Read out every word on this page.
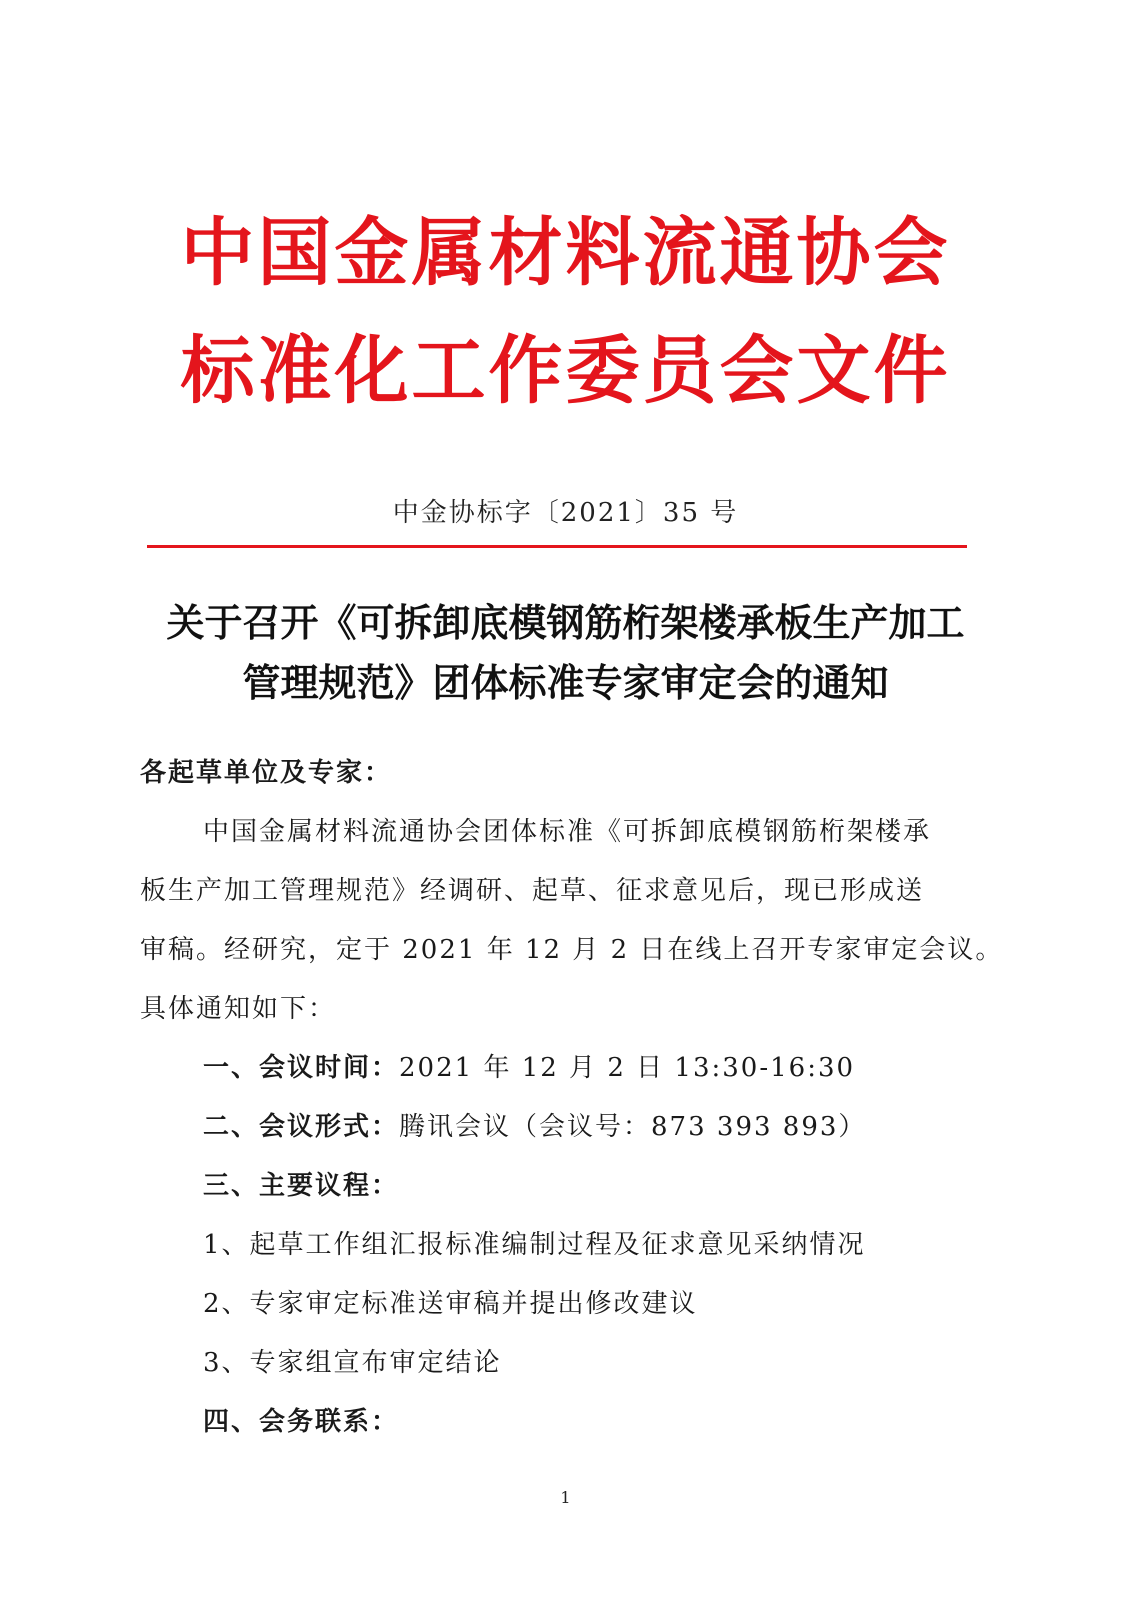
中国金属材料流通协会
标准化工作委员会文件
中金协标字〔2021〕35 号
关于召开《可拆卸底模钢筋桁架楼承板生产加工
管理规范》团体标准专家审定会的通知
各起草单位及专家：
中国金属材料流通协会团体标准《可拆卸底模钢筋桁架楼承
板生产加工管理规范》经调研、起草、征求意见后，现已形成送
审稿。经研究，定于 2021 年 12 月 2 日在线上召开专家审定会议。
具体通知如下：
一、会议时间：2021 年 12 月 2 日 13:30-16:30
二、会议形式：腾讯会议（会议号：873 393 893）
三、主要议程：
1、起草工作组汇报标准编制过程及征求意见采纳情况
2、专家审定标准送审稿并提出修改建议
3、专家组宣布审定结论
四、会务联系：
1
